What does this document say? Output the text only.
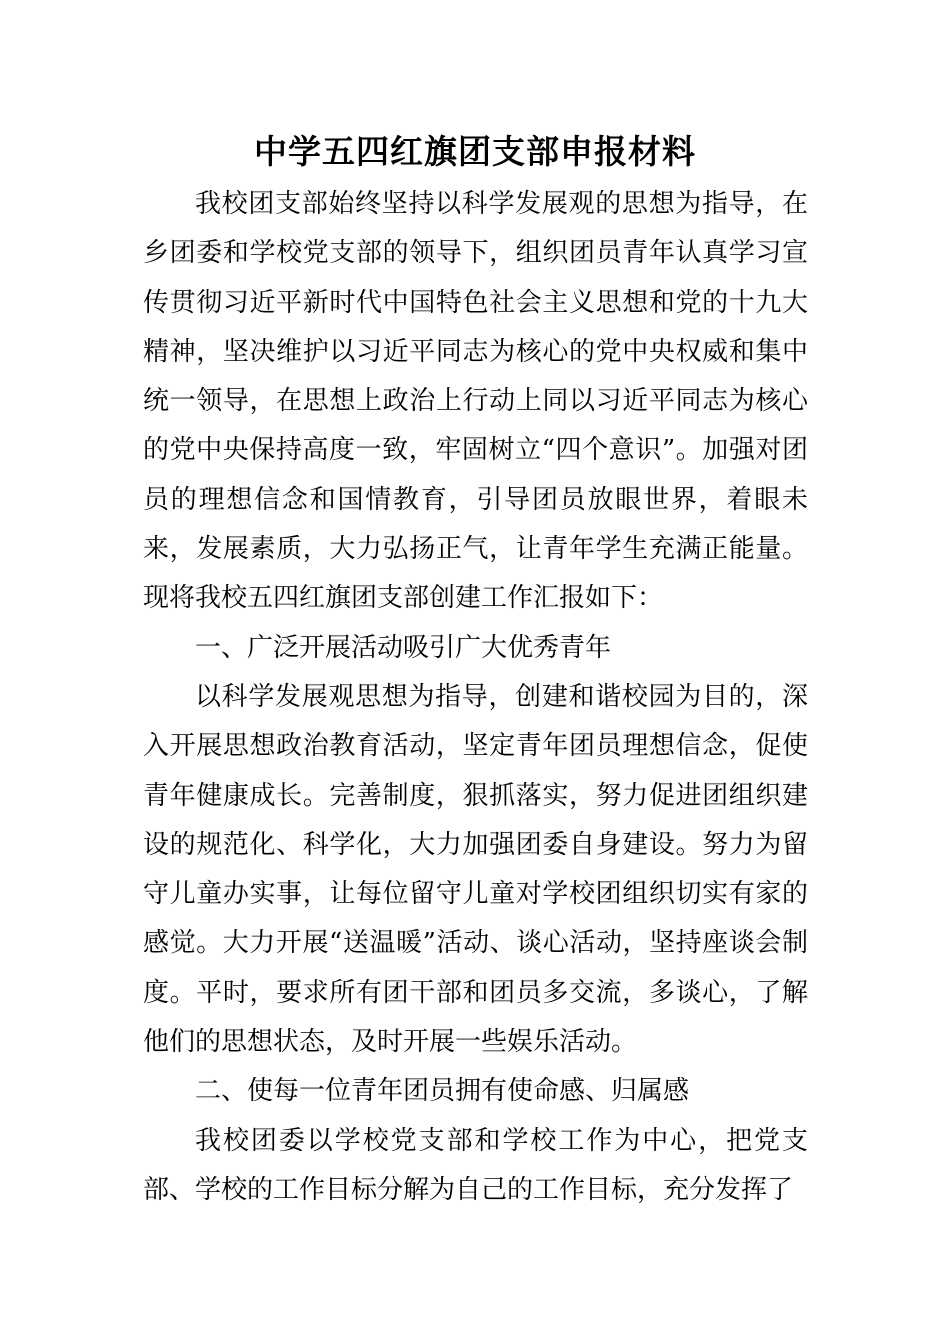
中学五四红旗团支部申报材料

我校团支部始终坚持以科学发展观的思想为指导，在乡团委和学校党支部的领导下，组织团员青年认真学习宣传贯彻习近平新时代中国特色社会主义思想和党的十九大精神，坚决维护以习近平同志为核心的党中央权威和集中统一领导，在思想上政治上行动上同以习近平同志为核心的党中央保持高度一致，牢固树立“四个意识”。加强对团员的理想信念和国情教育，引导团员放眼世界，着眼未来，发展素质，大力弘扬正气，让青年学生充满正能量。现将我校五四红旗团支部创建工作汇报如下：

一、广泛开展活动吸引广大优秀青年

以科学发展观思想为指导，创建和谐校园为目的，深入开展思想政治教育活动，坚定青年团员理想信念，促使青年健康成长。完善制度，狠抓落实，努力促进团组织建设的规范化、科学化，大力加强团委自身建设。努力为留守儿童办实事，让每位留守儿童对学校团组织切实有家的感觉。大力开展“送温暖”活动、谈心活动，坚持座谈会制度。平时，要求所有团干部和团员多交流，多谈心，了解他们的思想状态，及时开展一些娱乐活动。

二、使每一位青年团员拥有使命感、归属感

我校团委以学校党支部和学校工作为中心，把党支部、学校的工作目标分解为自己的工作目标，充分发挥了
